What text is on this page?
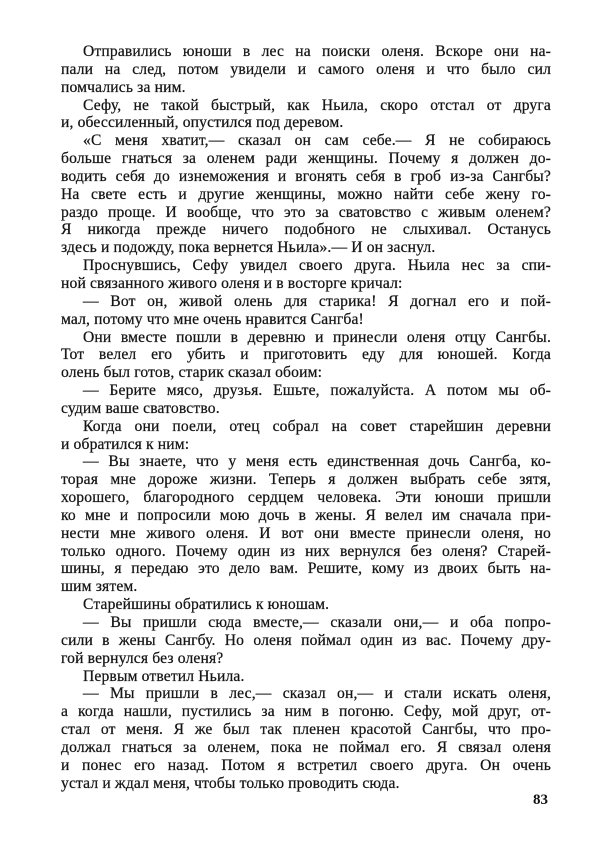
Отправились юноши в лес на поиски оленя. Вскоре они на-
пали на след, потом увидели и самого оленя и что было сил
помчались за ним.
Сефу, не такой быстрый, как Ньила, скоро отстал от друга
и, обессиленный, опустился под деревом.
«С меня хватит,— сказал он сам себе.— Я не собираюсь
больше гнаться за оленем ради женщины. Почему я должен до-
водить себя до изнеможения и вгонять себя в гроб из-за Сангбы?
На свете есть и другие женщины, можно найти себе жену го-
раздо проще. И вообще, что это за сватовство с живым оленем?
Я никогда прежде ничего подобного не слыхивал. Останусь
здесь и подожду, пока вернется Ньила».— И он заснул.
Проснувшись, Сефу увидел своего друга. Ньила нес за спи-
ной связанного живого оленя и в восторге кричал:
— Вот он, живой олень для старика! Я догнал его и пой-
мал, потому что мне очень нравится Сангба!
Они вместе пошли в деревню и принесли оленя отцу Сангбы.
Тот велел его убить и приготовить еду для юношей. Когда
олень был готов, старик сказал обоим:
— Берите мясо, друзья. Ешьте, пожалуйста. А потом мы об-
судим ваше сватовство.
Когда они поели, отец собрал на совет старейшин деревни
и обратился к ним:
— Вы знаете, что у меня есть единственная дочь Сангба, ко-
торая мне дороже жизни. Теперь я должен выбрать себе зятя,
хорошего, благородного сердцем человека. Эти юноши пришли
ко мне и попросили мою дочь в жены. Я велел им сначала при-
нести мне живого оленя. И вот они вместе принесли оленя, но
только одного. Почему один из них вернулся без оленя? Старей-
шины, я передаю это дело вам. Решите, кому из двоих быть на-
шим зятем.
Старейшины обратились к юношам.
— Вы пришли сюда вместе,— сказали они,— и оба попро-
сили в жены Сангбу. Но оленя поймал один из вас. Почему дру-
гой вернулся без оленя?
Первым ответил Ньила.
— Мы пришли в лес,— сказал он,— и стали искать оленя,
а когда нашли, пустились за ним в погоню. Сефу, мой друг, от-
стал от меня. Я же был так пленен красотой Сангбы, что про-
должал гнаться за оленем, пока не поймал его. Я связал оленя
и понес его назад. Потом я встретил своего друга. Он очень
устал и ждал меня, чтобы только проводить сюда.
83
